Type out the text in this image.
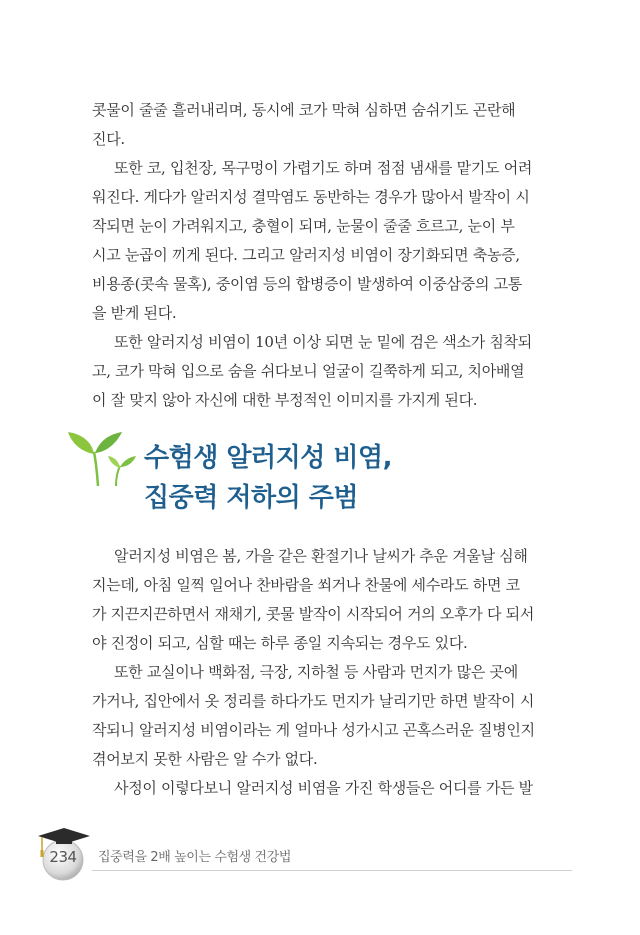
콧물이 줄줄 흘러내리며, 동시에 코가 막혀 심하면 숨쉬기도 곤란해
진다.
또한 코, 입천장, 목구멍이 가렵기도 하며 점점 냄새를 맡기도 어려
워진다. 게다가 알러지성 결막염도 동반하는 경우가 많아서 발작이 시
작되면 눈이 가려워지고, 충혈이 되며, 눈물이 줄줄 흐르고, 눈이 부
시고 눈곱이 끼게 된다. 그리고 알러지성 비염이 장기화되면 축농증,
비용종(콧속 물혹), 중이염 등의 합병증이 발생하여 이중삼중의 고통
을 받게 된다.
또한 알러지성 비염이 10년 이상 되면 눈 밑에 검은 색소가 침착되
고, 코가 막혀 입으로 숨을 쉬다보니 얼굴이 길쭉하게 되고, 치아배열
이 잘 맞지 않아 자신에 대한 부정적인 이미지를 가지게 된다.
수험생 알러지성 비염,
집중력 저하의 주범
알러지성 비염은 봄, 가을 같은 환절기나 날씨가 추운 겨울날 심해
지는데, 아침 일찍 일어나 찬바람을 쐬거나 찬물에 세수라도 하면 코
가 지끈지끈하면서 재채기, 콧물 발작이 시작되어 거의 오후가 다 되서
야 진정이 되고, 심할 때는 하루 종일 지속되는 경우도 있다.
또한 교실이나 백화점, 극장, 지하철 등 사람과 먼지가 많은 곳에
가거나, 집안에서 옷 정리를 하다가도 먼지가 날리기만 하면 발작이 시
작되니 알러지성 비염이라는 게 얼마나 성가시고 곤혹스러운 질병인지
겪어보지 못한 사람은 알 수가 없다.
사정이 이렇다보니 알러지성 비염을 가진 학생들은 어디를 가든 발
234	집중력을 2배 높이는 수험생 건강법
